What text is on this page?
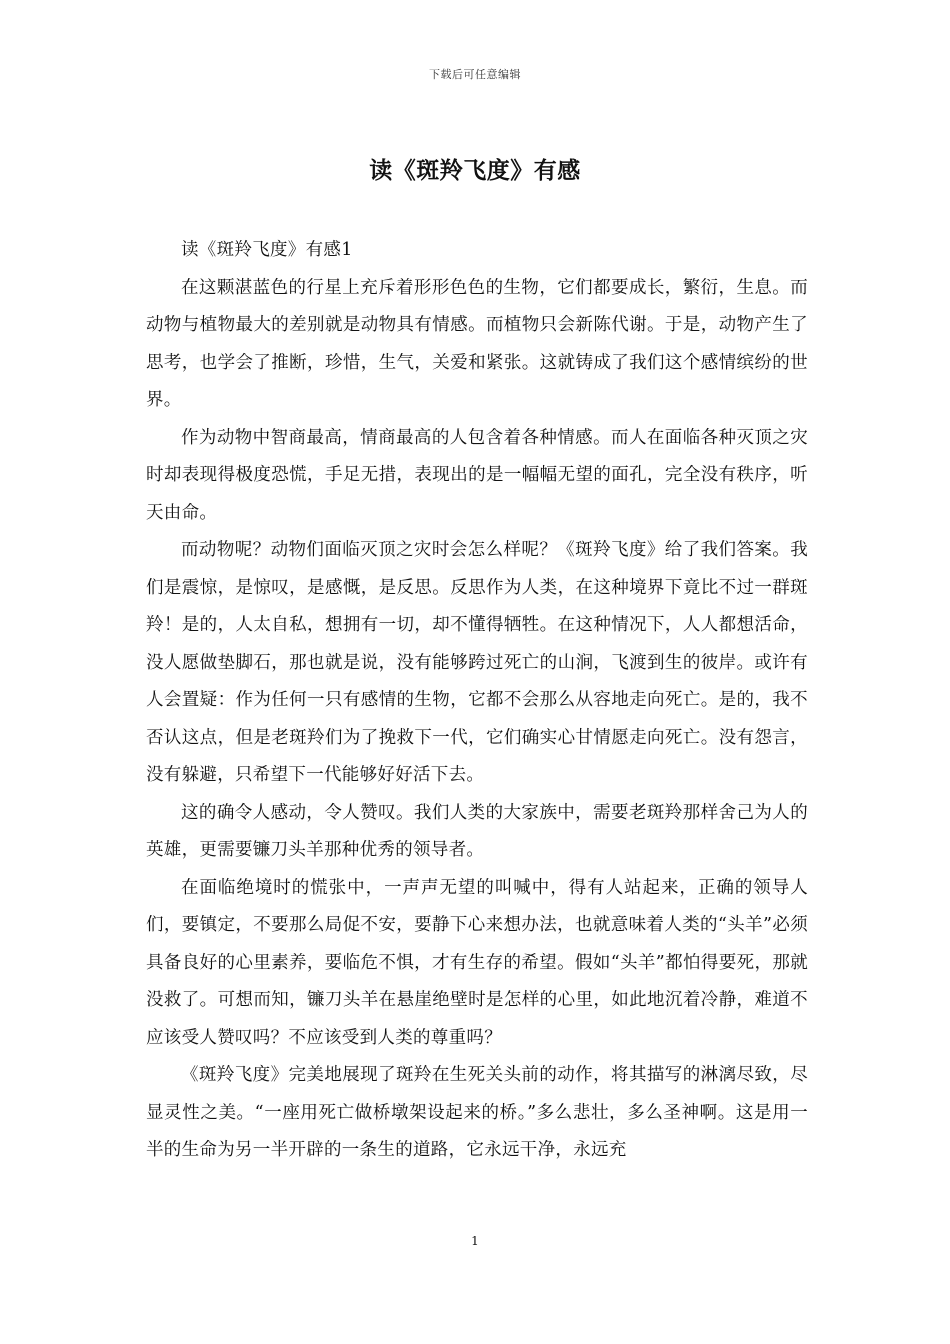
下载后可任意编辑
读《斑羚飞度》有感

读《斑羚飞度》有感1

在这颗湛蓝色的行星上充斥着形形色色的生物，它们都要成长，繁衍，生息。而动物与植物最大的差别就是动物具有情感。而植物只会新陈代谢。于是，动物产生了思考，也学会了推断，珍惜，生气，关爱和紧张。这就铸成了我们这个感情缤纷的世界。

作为动物中智商最高，情商最高的人包含着各种情感。而人在面临各种灭顶之灾时却表现得极度恐慌，手足无措，表现出的是一幅幅无望的面孔，完全没有秩序，听天由命。

而动物呢？动物们面临灭顶之灾时会怎么样呢？《斑羚飞度》给了我们答案。我们是震惊，是惊叹，是感慨，是反思。反思作为人类，在这种境界下竟比不过一群斑羚！是的，人太自私，想拥有一切，却不懂得牺牲。在这种情况下，人人都想活命，没人愿做垫脚石，那也就是说，没有能够跨过死亡的山涧，飞渡到生的彼岸。或许有人会置疑：作为任何一只有感情的生物，它都不会那么从容地走向死亡。是的，我不否认这点，但是老斑羚们为了挽救下一代，它们确实心甘情愿走向死亡。没有怨言，没有躲避，只希望下一代能够好好活下去。

这的确令人感动，令人赞叹。我们人类的大家族中，需要老斑羚那样舍己为人的英雄，更需要镰刀头羊那种优秀的领导者。

在面临绝境时的慌张中，一声声无望的叫喊中，得有人站起来，正确的领导人们，要镇定，不要那么局促不安，要静下心来想办法，也就意味着人类的“头羊”必须具备良好的心里素养，要临危不惧，才有生存的希望。假如“头羊”都怕得要死，那就没救了。可想而知，镰刀头羊在悬崖绝壁时是怎样的心里，如此地沉着冷静，难道不应该受人赞叹吗？不应该受到人类的尊重吗？

《斑羚飞度》完美地展现了斑羚在生死关头前的动作，将其描写的淋漓尽致，尽显灵性之美。“一座用死亡做桥墩架设起来的桥。”多么悲壮，多么圣神啊。这是用一半的生命为另一半开辟的一条生的道路，它永远干净，永远充

1
